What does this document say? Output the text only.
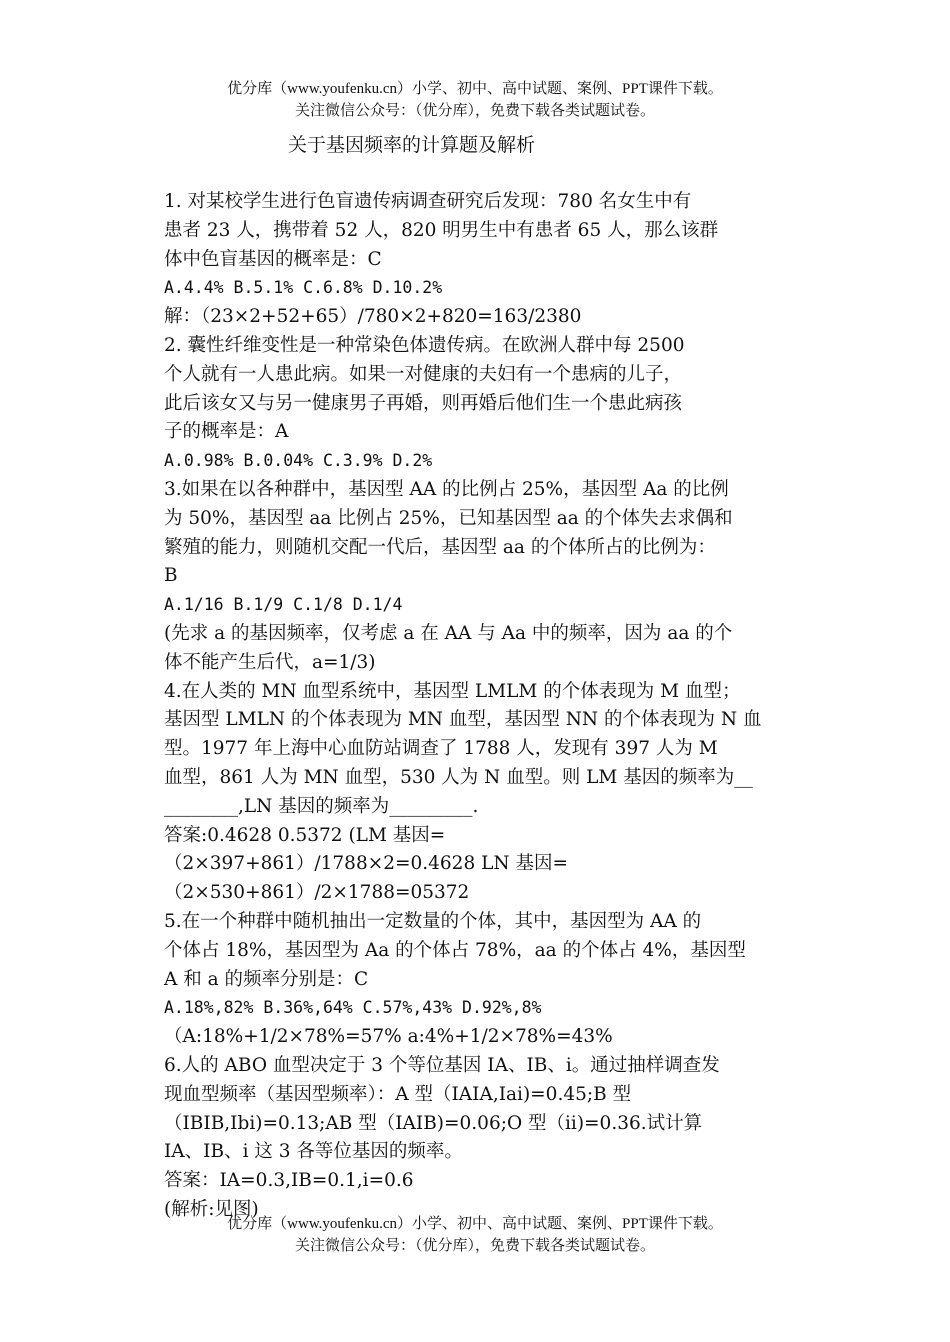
优分库（www.youfenku.cn）小学、初中、高中试题、案例、PPT课件下载。
关注微信公众号：（优分库），免费下载各类试题试卷。
关于基因频率的计算题及解析
1. 对某校学生进行色盲遗传病调查研究后发现：780 名女生中有
患者 23 人，携带着 52 人，820 明男生中有患者 65 人，那么该群
体中色盲基因的概率是：C
A.4.4% B.5.1% C.6.8% D.10.2%
解：（23×2+52+65）/780×2+820=163/2380
2. 囊性纤维变性是一种常染色体遗传病。在欧洲人群中每 2500
个人就有一人患此病。如果一对健康的夫妇有一个患病的儿子，
此后该女又与另一健康男子再婚，则再婚后他们生一个患此病孩
子的概率是：A
A.0.98% B.0.04% C.3.9% D.2%
3.如果在以各种群中，基因型 AA 的比例占 25%，基因型 Aa 的比例
为 50%，基因型 aa 比例占 25%，已知基因型 aa 的个体失去求偶和
繁殖的能力，则随机交配一代后，基因型 aa 的个体所占的比例为：
B
A.1/16 B.1/9 C.1/8 D.1/4
(先求 a 的基因频率，仅考虑 a 在 AA 与 Aa 中的频率，因为 aa 的个
体不能产生后代，a=1/3)
4.在人类的 MN 血型系统中，基因型 LMLM 的个体表现为 M 血型；
基因型 LMLN 的个体表现为 MN 血型，基因型 NN 的个体表现为 N 血
型。1977 年上海中心血防站调查了 1788 人，发现有 397 人为 M
血型，861 人为 MN 血型，530 人为 N 血型。则 LM 基因的频率为__
________,LN 基因的频率为_________.
答案:0.4628 0.5372 (LM 基因=
（2×397+861）/1788×2=0.4628 LN 基因=
（2×530+861）/2×1788=05372
5.在一个种群中随机抽出一定数量的个体，其中，基因型为 AA 的
个体占 18%，基因型为 Aa 的个体占 78%，aa 的个体占 4%，基因型
A 和 a 的频率分别是：C
A.18%,82% B.36%,64% C.57%,43% D.92%,8%
（A:18%+1/2×78%=57% a:4%+1/2×78%=43%
6.人的 ABO 血型决定于 3 个等位基因 IA、IB、i。通过抽样调查发
现血型频率（基因型频率）：A 型（IAIA,Iai)=0.45;B 型
（IBIB,Ibi)=0.13;AB 型（IAIB)=0.06;O 型（ii)=0.36.试计算
IA、IB、i 这 3 各等位基因的频率。
答案：IA=0.3,IB=0.1,i=0.6
(解析:见图)
优分库（www.youfenku.cn）小学、初中、高中试题、案例、PPT课件下载。
关注微信公众号：（优分库），免费下载各类试题试卷。
